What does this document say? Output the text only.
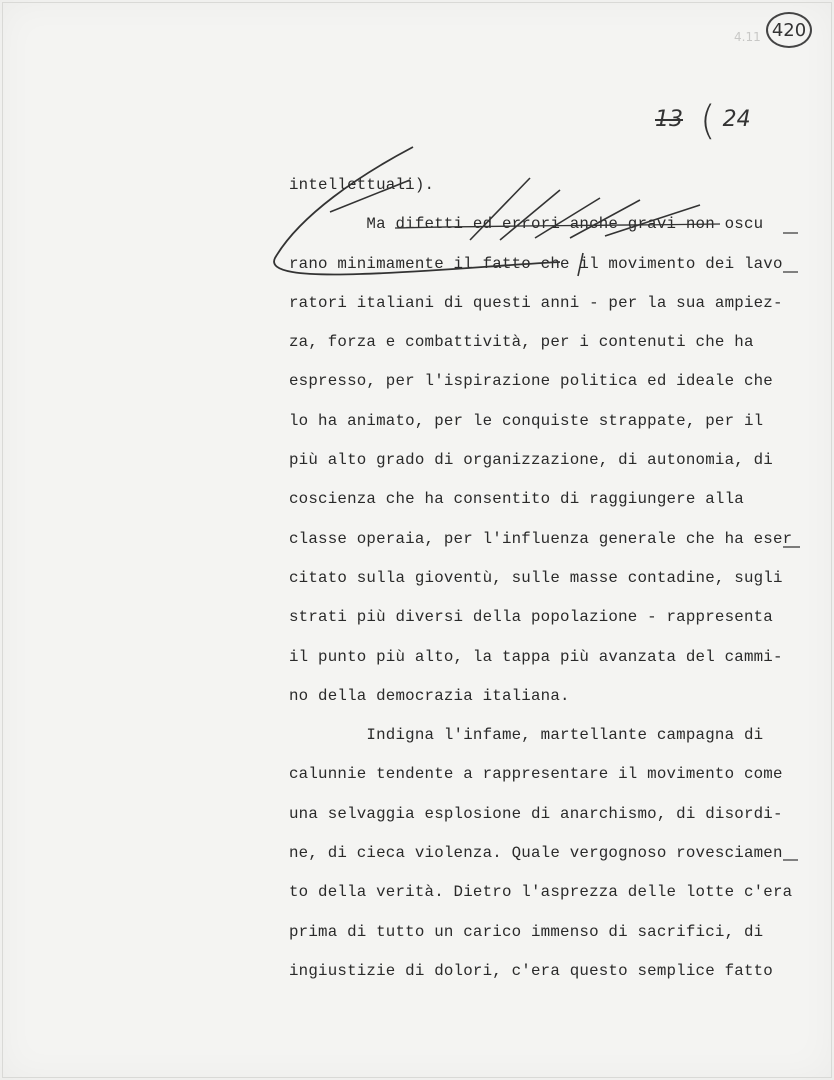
4.11 420
13 ( 24
intellettuali).
Ma difetti ed errori anche gravi non oscu
rano minimamente il fatto che il movimento dei lavo
ratori italiani di questi anni - per la sua ampiez-
za, forza e combattività, per i contenuti che ha
espresso, per l'ispirazione politica ed ideale che
lo ha animato, per le conquiste strappate, per il
più alto grado di organizzazione, di autonomia, di
coscienza che ha consentito di raggiungere alla
classe operaia, per l'influenza generale che ha eser
citato sulla gioventù, sulle masse contadine, sugli
strati più diversi della popolazione - rappresenta
il punto più alto, la tappa più avanzata del cammi-
no della democrazia italiana.
Indigna l'infame, martellante campagna di
calunnie tendente a rappresentare il movimento come
una selvaggia esplosione di anarchismo, di disordi-
ne, di cieca violenza. Quale vergognoso rovesciamen
to della verità. Dietro l'asprezza delle lotte c'era
prima di tutto un carico immenso di sacrifici, di
ingiustizie di dolori, c'era questo semplice fatto
